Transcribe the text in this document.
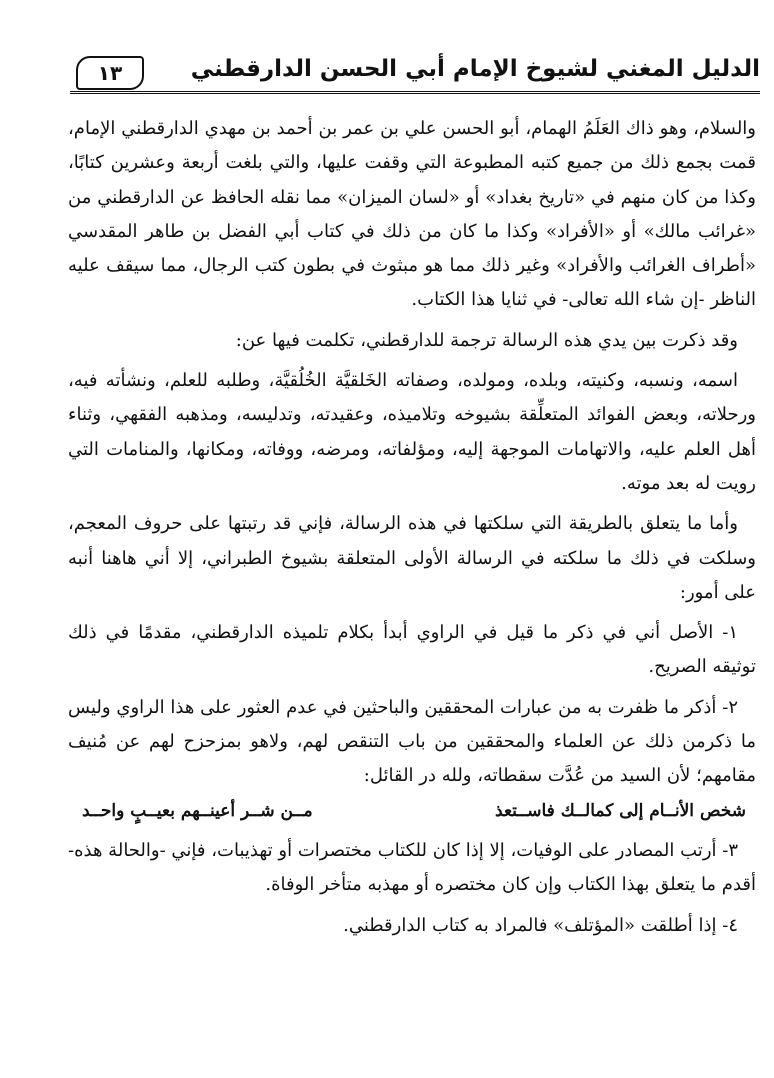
الدليل المغني لشيوخ الإمام أبي الحسن الدارقطني
١٣

والسلام، وهو ذاك العَلَمُ الهمام، أبو الحسن علي بن عمر بن أحمد بن مهدي الدارقطني الإمام، قمت بجمع ذلك من جميع كتبه المطبوعة التي وقفت عليها، والتي بلغت أربعة وعشرين كتابًا، وكذا من كان منهم في «تاريخ بغداد» أو «لسان الميزان» مما نقله الحافظ عن الدارقطني من «غرائب مالك» أو «الأفراد» وكذا ما كان من ذلك في كتاب أبي الفضل بن طاهر المقدسي «أطراف الغرائب والأفراد» وغير ذلك مما هو مبثوث في بطون كتب الرجال، مما سيقف عليه الناظر -إن شاء الله تعالى- في ثنايا هذا الكتاب.

وقد ذكرت بين يدي هذه الرسالة ترجمة للدارقطني، تكلمت فيها عن:

اسمه، ونسبه، وكنيته، وبلده، ومولده، وصفاته الخَلقيَّة الخُلُقيَّة، وطلبه للعلم، ونشأته فيه، ورحلاته، وبعض الفوائد المتعلِّقة بشيوخه وتلاميذه، وعقيدته، وتدليسه، ومذهبه الفقهي، وثناء أهل العلم عليه، والاتهامات الموجهة إليه، ومؤلفاته، ومرضه، ووفاته، ومكانها، والمنامات التي رويت له بعد موته.

وأما ما يتعلق بالطريقة التي سلكتها في هذه الرسالة، فإني قد رتبتها على حروف المعجم، وسلكت في ذلك ما سلكته في الرسالة الأولى المتعلقة بشيوخ الطبراني، إلا أني هاهنا أنبه على أمور:

١- الأصل أني في ذكر ما قيل في الراوي أبدأ بكلام تلميذه الدارقطني، مقدمًا في ذلك توثيقه الصريح.

٢- أذكر ما ظفرت به من عبارات المحققين والباحثين في عدم العثور على هذا الراوي وليس ما ذكرمن ذلك عن العلماء والمحققين من باب التنقص لهم، ولاهو بمزحزح لهم عن مُنيف مقامهم؛ لأن السيد من عُدَّت سقطاته، ولله در القائل:

شخص الأنــام إلى كمالــك فاســتعذ
مــن شــر أعينــهم بعيــبٍ واحــد

٣- أرتب المصادر على الوفيات، إلا إذا كان للكتاب مختصرات أو تهذيبات، فإني -والحالة هذه- أقدم ما يتعلق بهذا الكتاب وإن كان مختصره أو مهذبه متأخر الوفاة.

٤- إذا أطلقت «المؤتلف» فالمراد به كتاب الدارقطني.
